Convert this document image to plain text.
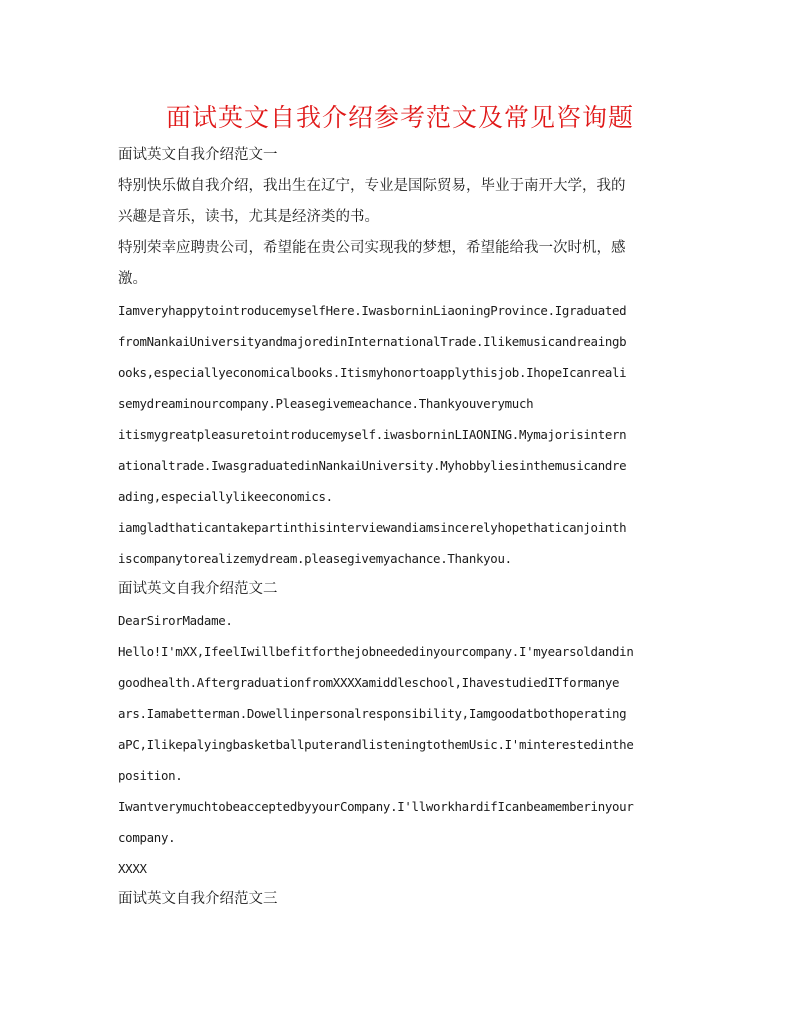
面试英文自我介绍参考范文及常见咨询题
面试英文自我介绍范文一
特别快乐做自我介绍，我出生在辽宁，专业是国际贸易，毕业于南开大学，我的
兴趣是音乐，读书，尤其是经济类的书。
特别荣幸应聘贵公司，希望能在贵公司实现我的梦想，希望能给我一次时机，感
激。
IamveryhappytointroducemyselfHere.IwasborninLiaoningProvince.Igraduated
fromNankaiUniversityandmajoredinInternationalTrade.Ilikemusicandreaingb
ooks,especiallyeconomicalbooks.Itismyhonortoapplythisjob.IhopeIcanreali
semydreaminourcompany.Pleasegivemeachance.Thankyouverymuch
itismygreatpleasuretointroducemyself.iwasborninLIAONING.Mymajorisintern
ationaltrade.IwasgraduatedinNankaiUniversity.Myhobbyliesinthemusicandre
ading,especiallylikeeconomics.
iamgladthaticantakepartinthisinterviewandiamsincerelyhopethaticanjointh
iscompanytorealizemydream.pleasegivemyachance.Thankyou.
面试英文自我介绍范文二
DearSirorMadame.
Hello!I'mXX,IfeelIwillbefitforthejobneededinyourcompany.I'myearsoldandin
goodhealth.AftergraduationfromXXXXamiddleschool,IhavestudiedITformanye
ars.Iamabetterman.Dowellinpersonalresponsibility,Iamgoodatbothoperating
aPC,IlikepalyingbasketballputerandlisteningtothemUsic.I'minterestedinthe
position.
IwantverymuchtobeacceptedbyyourCompany.I'llworkhardifIcanbeamemberinyour
company.
XXXX
面试英文自我介绍范文三
